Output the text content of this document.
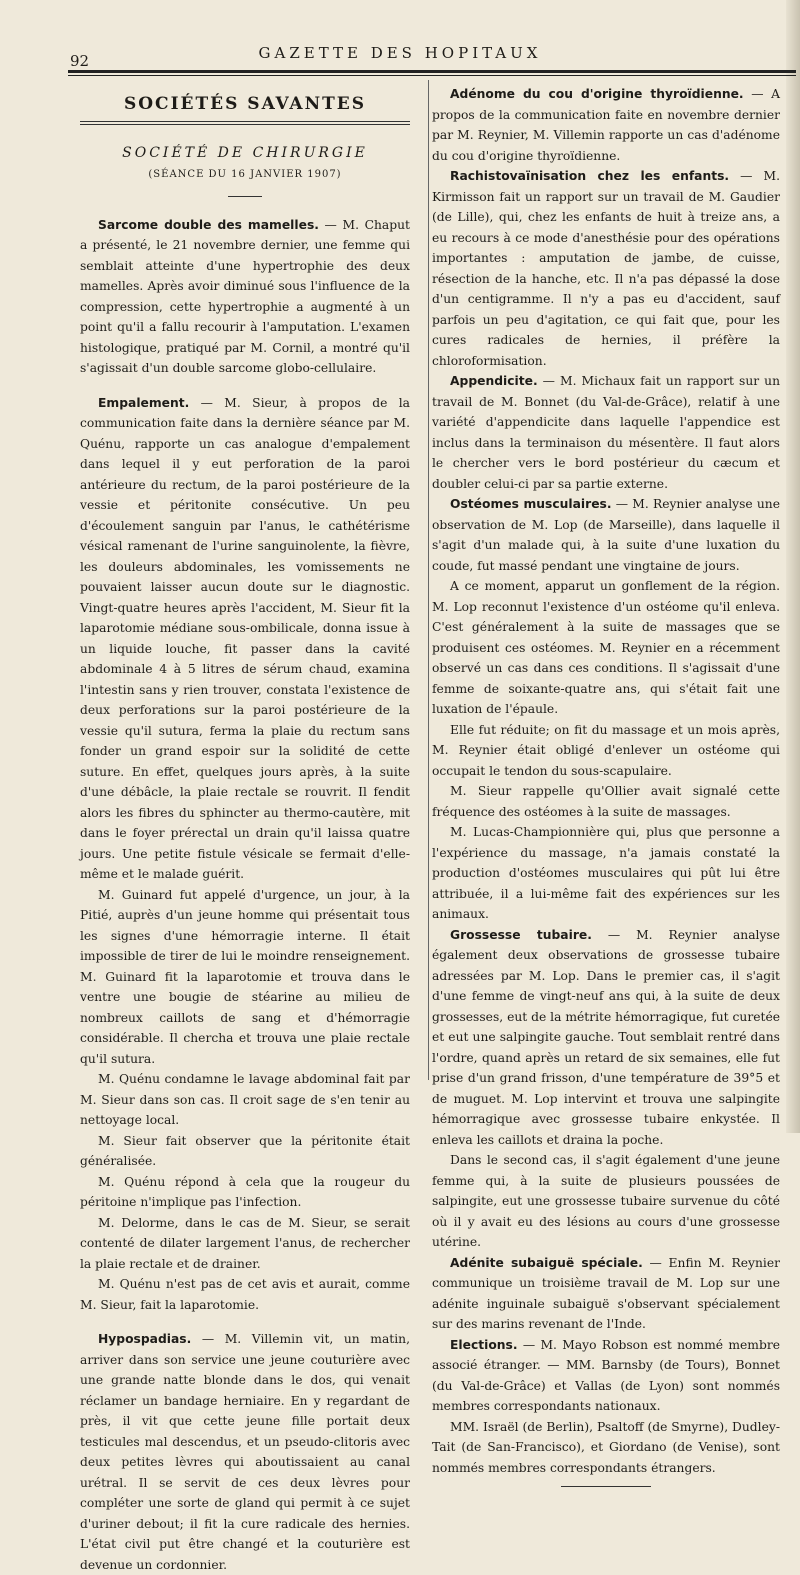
92	GAZETTE DES HOPITAUX
SOCIÉTÉS SAVANTES
SOCIÉTÉ DE CHIRURGIE
(SÉANCE DU 16 JANVIER 1907)

Sarcome double des mamelles. — M. Chaput a présenté, le 21 novembre dernier, une femme qui semblait atteinte d'une hypertrophie des deux mamelles. Après avoir diminué sous l'influence de la compression, cette hypertrophie a augmenté à un point qu'il a fallu recourir à l'amputation. L'examen histologique, pratiqué par M. Cornil, a montré qu'il s'agissait d'un double sarcome globo-cellulaire.

Empalement. — M. Sieur, à propos de la communication faite dans la dernière séance par M. Quénu, rapporte un cas analogue d'empalement dans lequel il y eut perforation de la paroi antérieure du rectum, de la paroi postérieure de la vessie et péritonite consécutive. Un peu d'écoulement sanguin par l'anus, le cathétérisme vésical ramenant de l'urine sanguinolente, la fièvre, les douleurs abdominales, les vomissements ne pouvaient laisser aucun doute sur le diagnostic. Vingt-quatre heures après l'accident, M. Sieur fit la laparotomie médiane sous-ombilicale, donna issue à un liquide louche, fit passer dans la cavité abdominale 4 à 5 litres de sérum chaud, examina l'intestin sans y rien trouver, constata l'existence de deux perforations sur la paroi postérieure de la vessie qu'il sutura, ferma la plaie du rectum sans fonder un grand espoir sur la solidité de cette suture. En effet, quelques jours après, à la suite d'une débâcle, la plaie rectale se rouvrit. Il fendit alors les fibres du sphincter au thermo-cautère, mit dans le foyer prérectal un drain qu'il laissa quatre jours. Une petite fistule vésicale se fermait d'elle-même et le malade guérit.

M. Guinard fut appelé d'urgence, un jour, à la Pitié, auprès d'un jeune homme qui présentait tous les signes d'une hémorragie interne. Il était impossible de tirer de lui le moindre renseignement. M. Guinard fit la laparotomie et trouva dans le ventre une bougie de stéarine au milieu de nombreux caillots de sang et d'hémorragie considérable. Il chercha et trouva une plaie rectale qu'il sutura.

M. Quénu condamne le lavage abdominal fait par M. Sieur dans son cas. Il croit sage de s'en tenir au nettoyage local.

M. Sieur fait observer que la péritonite était généralisée.

M. Quénu répond à cela que la rougeur du péritoine n'implique pas l'infection.

M. Delorme, dans le cas de M. Sieur, se serait contenté de dilater largement l'anus, de rechercher la plaie rectale et de drainer.

M. Quénu n'est pas de cet avis et aurait, comme M. Sieur, fait la laparotomie.

Hypospadias. — M. Villemin vit, un matin, arriver dans son service une jeune couturière avec une grande natte blonde dans le dos, qui venait réclamer un bandage herniaire. En y regardant de près, il vit que cette jeune fille portait deux testicules mal descendus, et un pseudo-clitoris avec deux petites lèvres qui aboutissaient au canal urétral. Il se servit de ces deux lèvres pour compléter une sorte de gland qui permit à ce sujet d'uriner debout; il fit la cure radicale des hernies. L'état civil put être changé et la couturière est devenue un cordonnier.

Adénome du cou d'origine thyroïdienne. — A propos de la communication faite en novembre dernier par M. Reynier, M. Villemin rapporte un cas d'adénome du cou d'origine thyroïdienne.

Rachistovaïnisation chez les enfants. — M. Kirmisson fait un rapport sur un travail de M. Gaudier (de Lille), qui, chez les enfants de huit à treize ans, a eu recours à ce mode d'anesthésie pour des opérations importantes : amputation de jambe, de cuisse, résection de la hanche, etc. Il n'a pas dépassé la dose d'un centigramme. Il n'y a pas eu d'accident, sauf parfois un peu d'agitation, ce qui fait que, pour les cures radicales de hernies, il préfère la chloroformisation.

Appendicite. — M. Michaux fait un rapport sur un travail de M. Bonnet (du Val-de-Grâce), relatif à une variété d'appendicite dans laquelle l'appendice est inclus dans la terminaison du mésentère. Il faut alors le chercher vers le bord postérieur du cæcum et doubler celui-ci par sa partie externe.

Ostéomes musculaires. — M. Reynier analyse une observation de M. Lop (de Marseille), dans laquelle il s'agit d'un malade qui, à la suite d'une luxation du coude, fut massé pendant une vingtaine de jours.

A ce moment, apparut un gonflement de la région. M. Lop reconnut l'existence d'un ostéome qu'il enleva. C'est généralement à la suite de massages que se produisent ces ostéomes. M. Reynier en a récemment observé un cas dans ces conditions. Il s'agissait d'une femme de soixante-quatre ans, qui s'était fait une luxation de l'épaule.

Elle fut réduite; on fit du massage et un mois après, M. Reynier était obligé d'enlever un ostéome qui occupait le tendon du sous-scapulaire.

M. Sieur rappelle qu'Ollier avait signalé cette fréquence des ostéomes à la suite de massages.

M. Lucas-Championnière qui, plus que personne a l'expérience du massage, n'a jamais constaté la production d'ostéomes musculaires qui pût lui être attribuée, il a lui-même fait des expériences sur les animaux.

Grossesse tubaire. — M. Reynier analyse également deux observations de grossesse tubaire adressées par M. Lop. Dans le premier cas, il s'agit d'une femme de vingt-neuf ans qui, à la suite de deux grossesses, eut de la métrite hémorragique, fut curetée et eut une salpingite gauche. Tout semblait rentré dans l'ordre, quand après un retard de six semaines, elle fut prise d'un grand frisson, d'une température de 39°5 et de muguet. M. Lop intervint et trouva une salpingite hémorragique avec grossesse tubaire enkystée. Il enleva les caillots et draina la poche.

Dans le second cas, il s'agit également d'une jeune femme qui, à la suite de plusieurs poussées de salpingite, eut une grossesse tubaire survenue du côté où il y avait eu des lésions au cours d'une grossesse utérine.

Adénite subaiguë spéciale. — Enfin M. Reynier communique un troisième travail de M. Lop sur une adénite inguinale subaiguë s'observant spécialement sur des marins revenant de l'Inde.

Elections. — M. Mayo Robson est nommé membre associé étranger. — MM. Barnsby (de Tours), Bonnet (du Val-de-Grâce) et Vallas (de Lyon) sont nommés membres correspondants nationaux.

MM. Israël (de Berlin), Psaltoff (de Smyrne), Dudley-Tait (de San-Francisco), et Giordano (de Venise), sont nommés membres correspondants étrangers.
